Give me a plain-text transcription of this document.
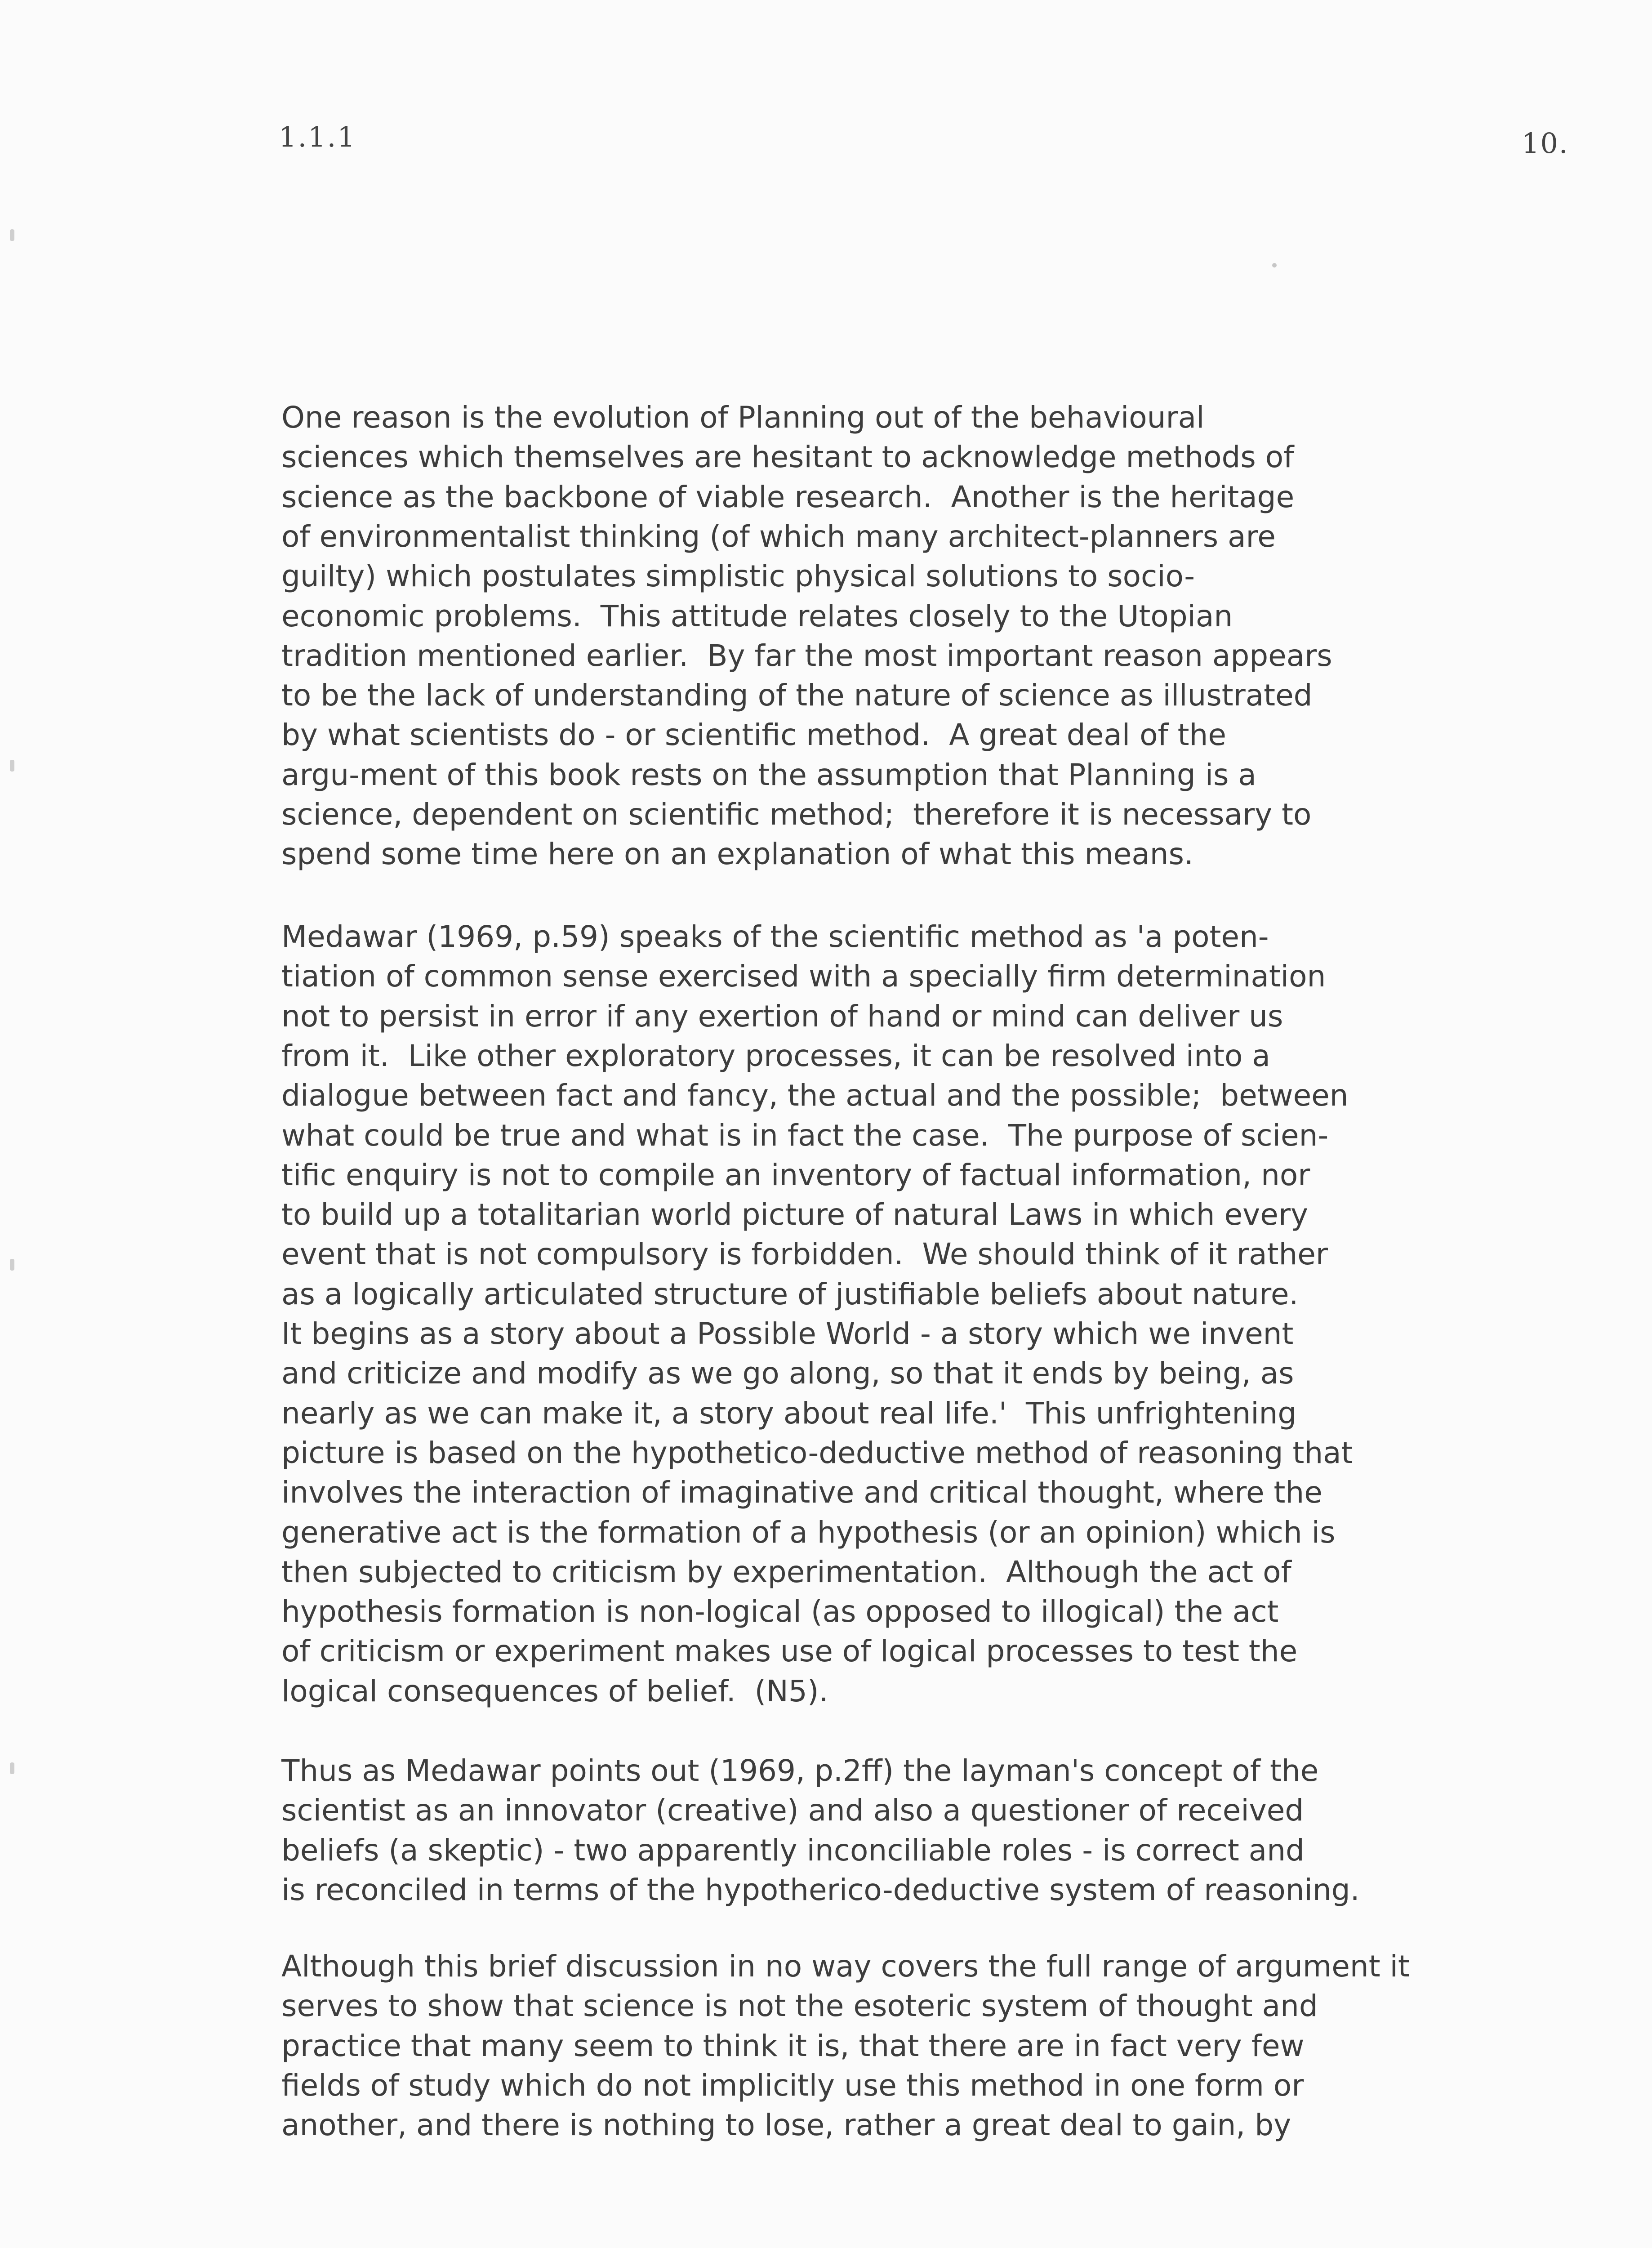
1.1.1	10.
One reason is the evolution of Planning out of the behavioural
sciences which themselves are hesitant to acknowledge methods of
science as the backbone of viable research.  Another is the heritage
of environmentalist thinking (of which many architect-planners are
guilty) which postulates simplistic physical solutions to socio-
economic problems.  This attitude relates closely to the Utopian
tradition mentioned earlier.  By far the most important reason appears
to be the lack of understanding of the nature of science as illustrated
by what scientists do - or scientific method.  A great deal of the
argu-ment of this book rests on the assumption that Planning is a
science, dependent on scientific method;  therefore it is necessary to
spend some time here on an explanation of what this means.
Medawar (1969, p.59) speaks of the scientific method as 'a poten-
tiation of common sense exercised with a specially firm determination
not to persist in error if any exertion of hand or mind can deliver us
from it.  Like other exploratory processes, it can be resolved into a
dialogue between fact and fancy, the actual and the possible;  between
what could be true and what is in fact the case.  The purpose of scien-
tific enquiry is not to compile an inventory of factual information, nor
to build up a totalitarian world picture of natural Laws in which every
event that is not compulsory is forbidden.  We should think of it rather
as a logically articulated structure of justifiable beliefs about nature.
It begins as a story about a Possible World - a story which we invent
and criticize and modify as we go along, so that it ends by being, as
nearly as we can make it, a story about real life.'  This unfrightening
picture is based on the hypothetico-deductive method of reasoning that
involves the interaction of imaginative and critical thought, where the
generative act is the formation of a hypothesis (or an opinion) which is
then subjected to criticism by experimentation.  Although the act of
hypothesis formation is non-logical (as opposed to illogical) the act
of criticism or experiment makes use of logical processes to test the
logical consequences of belief.  (N5).
Thus as Medawar points out (1969, p.2ff) the layman's concept of the
scientist as an innovator (creative) and also a questioner of received
beliefs (a skeptic) - two apparently inconciliable roles - is correct and
is reconciled in terms of the hypotherico-deductive system of reasoning.
Although this brief discussion in no way covers the full range of argument it
serves to show that science is not the esoteric system of thought and
practice that many seem to think it is, that there are in fact very few
fields of study which do not implicitly use this method in one form or
another, and there is nothing to lose, rather a great deal to gain, by
